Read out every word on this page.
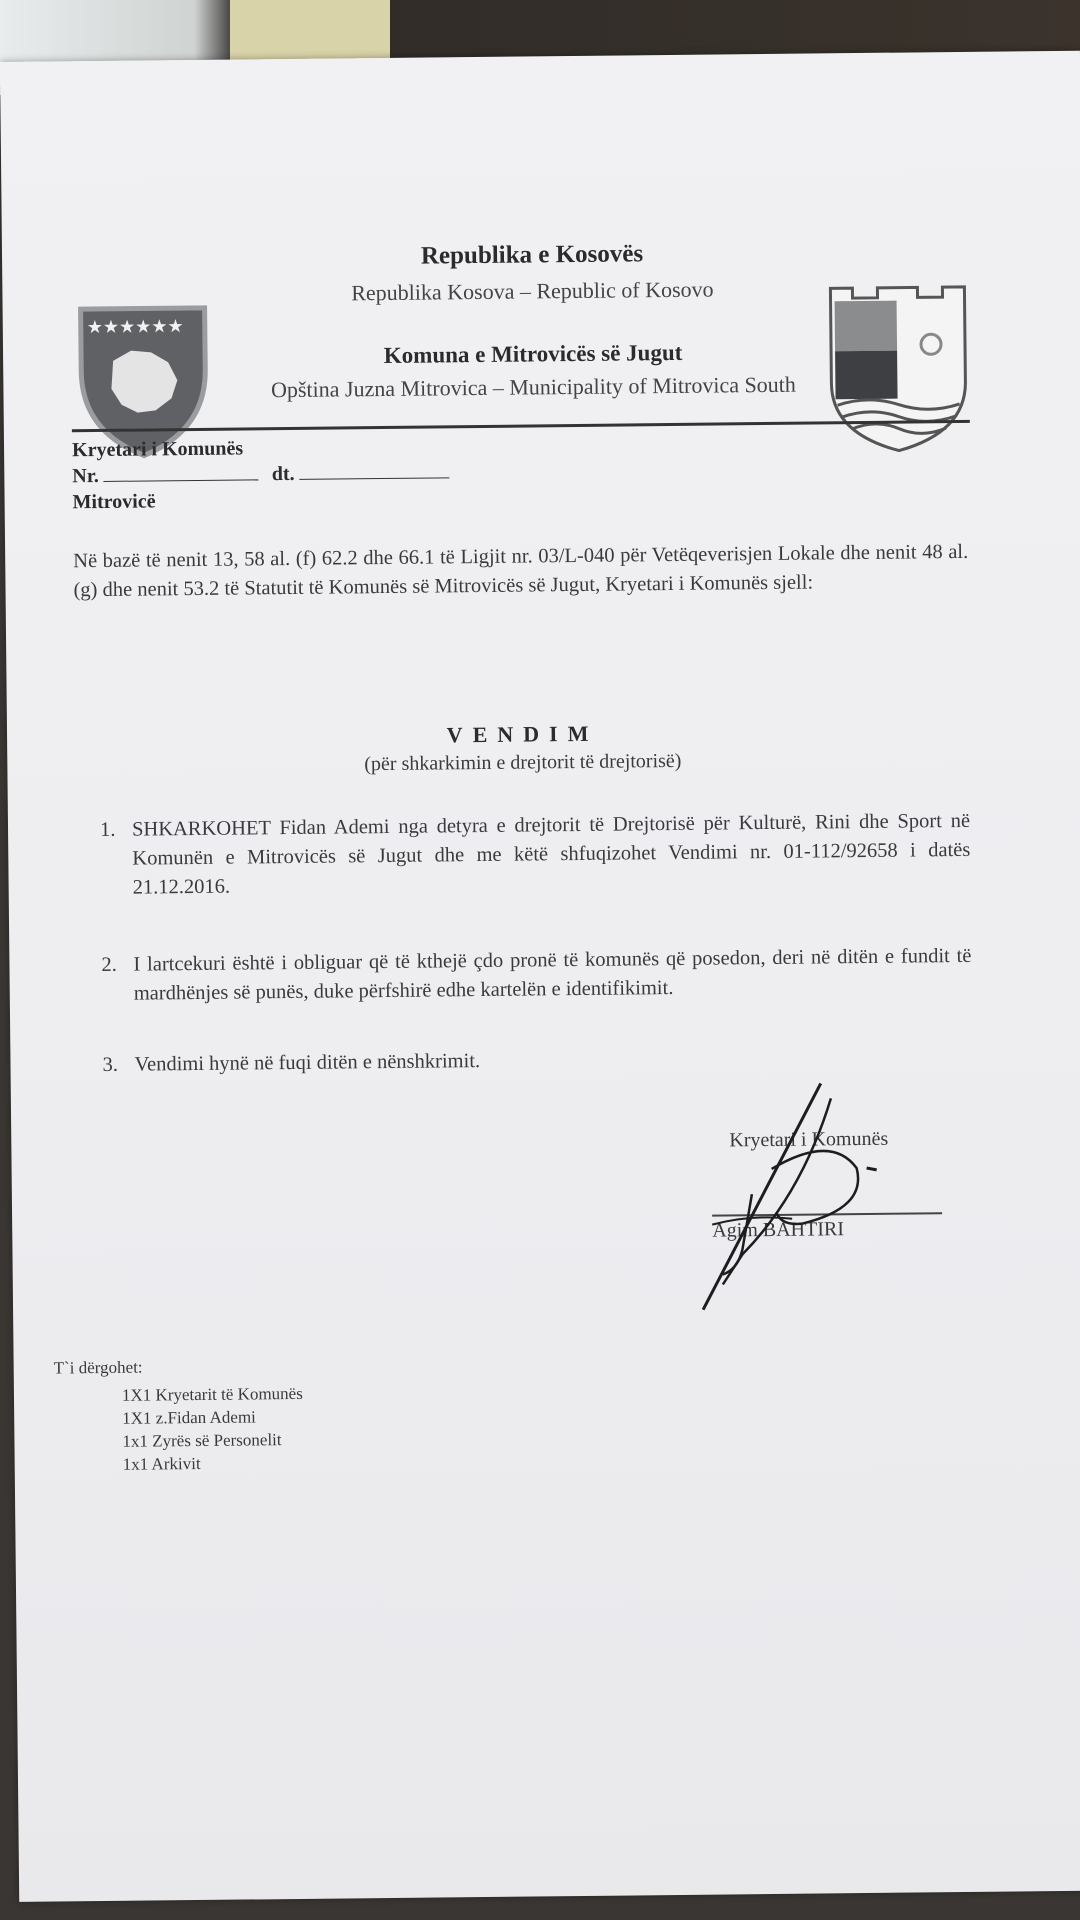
★★★★★★
Republika e Kosovës
Republika Kosova – Republic of Kosovo
Komuna e Mitrovicës së Jugut
Opština Juzna Mitrovica – Municipality of Mitrovica South
Kryetari i Komunës
Nr.	dt.
Mitrovicë
Në bazë të nenit 13, 58 al. (f) 62.2 dhe 66.1 të Ligjit nr. 03/L-040 për Vetëqeverisjen Lokale dhe nenit 48 al. (g) dhe nenit 53.2 të Statutit të Komunës së Mitrovicës së Jugut, Kryetari i Komunës sjell:
VENDIM
(për shkarkimin e drejtorit të drejtorisë)
1. SHKARKOHET Fidan Ademi nga detyra e drejtorit të Drejtorisë për Kulturë, Rini dhe Sport në Komunën e Mitrovicës së Jugut dhe me këtë shfuqizohet Vendimi nr. 01-112/92658 i datës 21.12.2016.
2. I lartcekuri është i obliguar që të kthejë çdo pronë të komunës që posedon, deri në ditën e fundit të mardhënjes së punës, duke përfshirë edhe kartelën e identifikimit.
3. Vendimi hynë në fuqi ditën e nënshkrimit.
Kryetari i Komunës
Agim BAHTIRI
T`i dërgohet:
1X1 Kryetarit të Komunës
1X1 z.Fidan Ademi
1x1 Zyrës së Personelit
1x1 Arkivit
